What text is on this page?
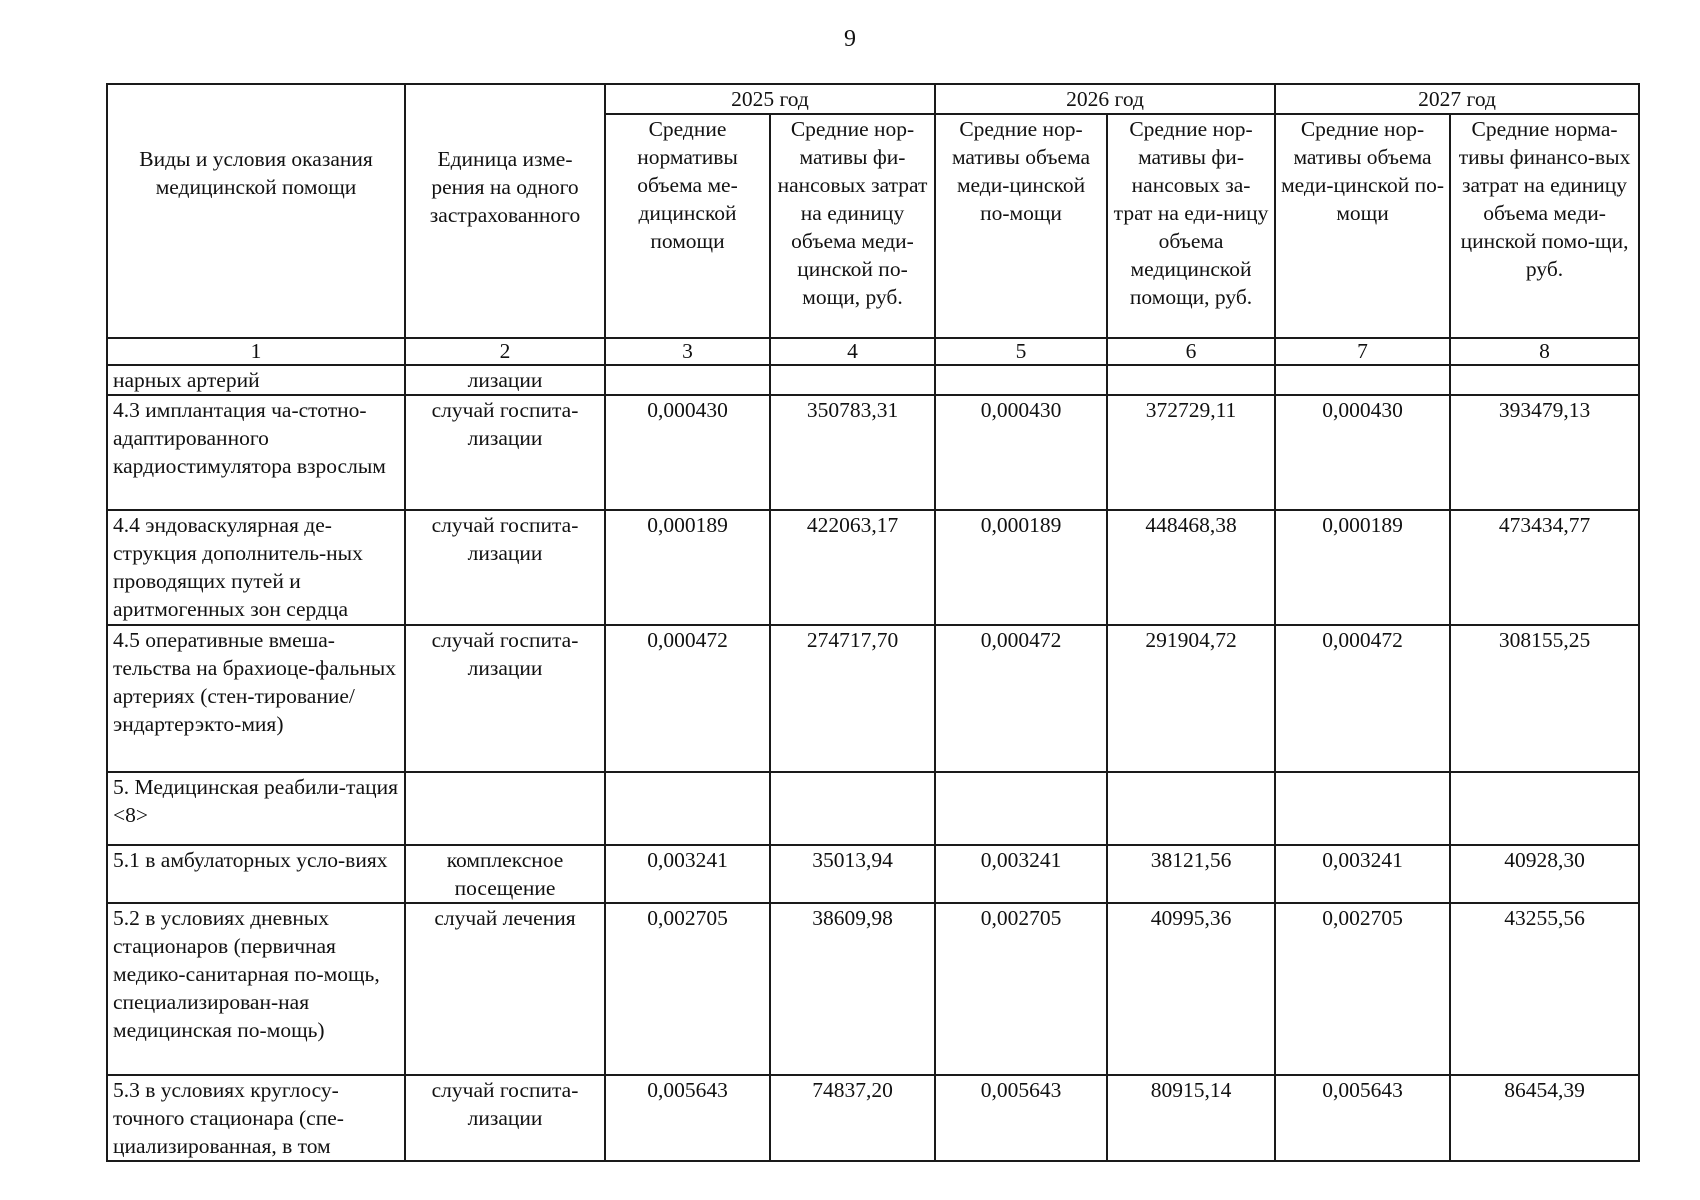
9
Виды и условия оказания медицинской помощи	Единица изме-рения на одного застрахованного	2025 год		2026 год		2027 год	
		Средние нормативы объема ме-дицинской помощи	Средние нор-мативы фи-нансовых затрат на единицу объема меди-цинской по-мощи, руб.	Средние нор-мативы объема меди-цинской по-мощи	Средние нор-мативы фи-нансовых за-трат на еди-ницу объема медицинской помощи, руб.	Средние нор-мативы объема меди-цинской по-мощи	Средние норма-тивы финансо-вых затрат на единицу объема меди-цинской помо-щи, руб.
1	2	3	4	5	6	7	8
нарных артерий	лизации						
4.3 имплантация ча-стотно-адаптированного кардиостимулятора взрослым	случай госпита-лизации	0,000430	350783,31	0,000430	372729,11	0,000430	393479,13
4.4 эндоваскулярная де-струкция дополнитель-ных проводящих путей и аритмогенных зон сердца	случай госпита-лизации	0,000189	422063,17	0,000189	448468,38	0,000189	473434,77
4.5 оперативные вмеша-тельства на брахиоце-фальных артериях (стен-тирование/эндартерэкто-мия)	случай госпита-лизации	0,000472	274717,70	0,000472	291904,72	0,000472	308155,25
5. Медицинская реабили-тация <8>							
5.1 в амбулаторных усло-виях	комплексное посещение	0,003241	35013,94	0,003241	38121,56	0,003241	40928,30
5.2 в условиях дневных стационаров (первичная медико-санитарная по-мощь, специализирован-ная медицинская по-мощь)	случай лечения	0,002705	38609,98	0,002705	40995,36	0,002705	43255,56
5.3 в условиях круглосу-точного стационара (спе-циализированная, в том	случай госпита-лизации	0,005643	74837,20	0,005643	80915,14	0,005643	86454,39
